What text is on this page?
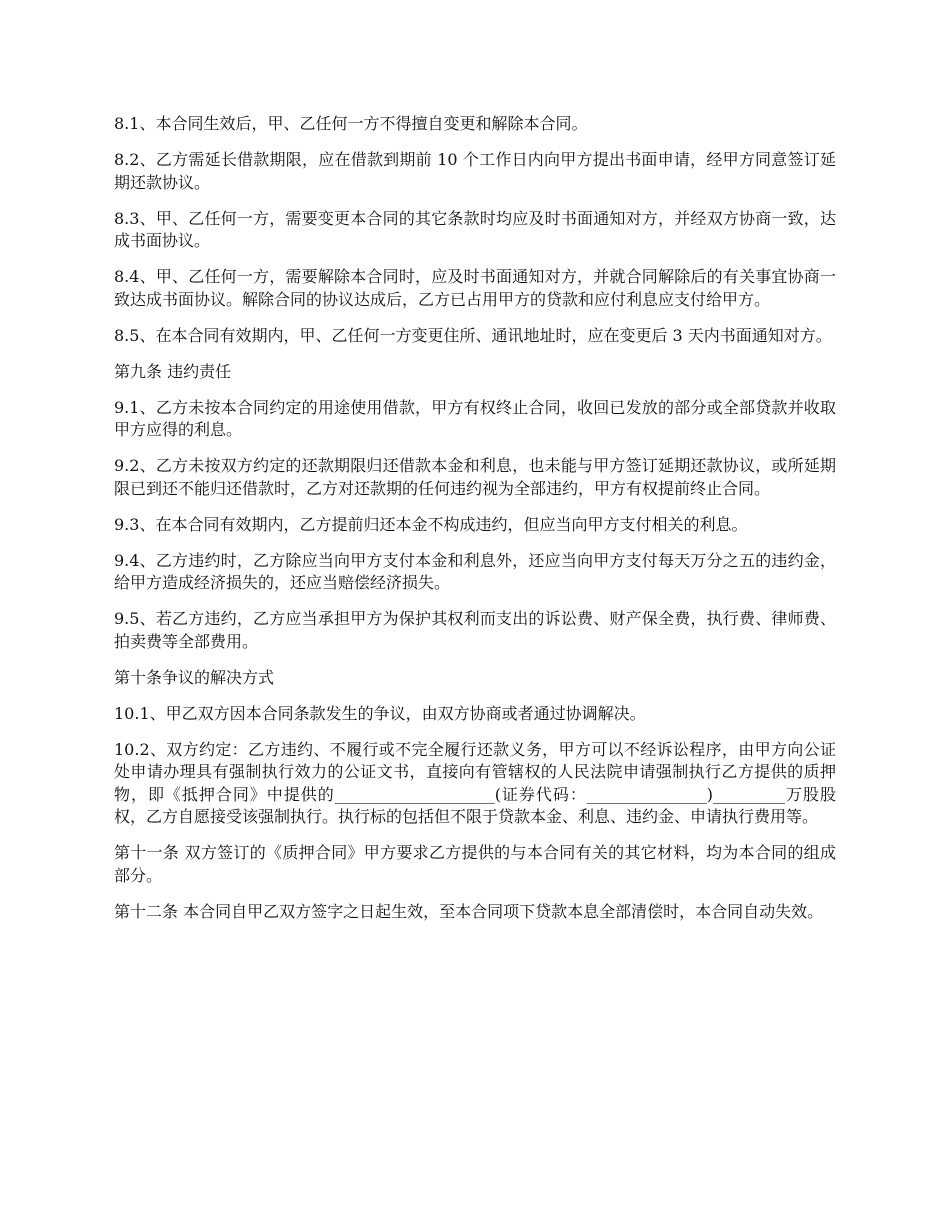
8.1、本合同生效后，甲、乙任何一方不得擅自变更和解除本合同。

8.2、乙方需延长借款期限，应在借款到期前 10 个工作日内向甲方提出书面申请，经甲方同意签订延期还款协议。

8.3、甲、乙任何一方，需要变更本合同的其它条款时均应及时书面通知对方，并经双方协商一致，达成书面协议。

8.4、甲、乙任何一方，需要解除本合同时，应及时书面通知对方，并就合同解除后的有关事宜协商一致达成书面协议。解除合同的协议达成后，乙方已占用甲方的贷款和应付利息应支付给甲方。

8.5、在本合同有效期内，甲、乙任何一方变更住所、通讯地址时，应在变更后 3 天内书面通知对方。

第九条 违约责任

9.1、乙方未按本合同约定的用途使用借款，甲方有权终止合同，收回已发放的部分或全部贷款并收取甲方应得的利息。

9.2、乙方未按双方约定的还款期限归还借款本金和利息，也未能与甲方签订延期还款协议，或所延期限已到还不能归还借款时，乙方对还款期的任何违约视为全部违约，甲方有权提前终止合同。

9.3、在本合同有效期内，乙方提前归还本金不构成违约，但应当向甲方支付相关的利息。

9.4、乙方违约时，乙方除应当向甲方支付本金和利息外，还应当向甲方支付每天万分之五的违约金，给甲方造成经济损失的，还应当赔偿经济损失。

9.5、若乙方违约，乙方应当承担甲方为保护其权利而支出的诉讼费、财产保全费，执行费、律师费、拍卖费等全部费用。

第十条争议的解决方式

10.1、甲乙双方因本合同条款发生的争议，由双方协商或者通过协调解决。

10.2、双方约定：乙方违约、不履行或不完全履行还款义务，甲方可以不经诉讼程序，由甲方向公证处申请办理具有强制执行效力的公证文书，直接向有管辖权的人民法院申请强制执行乙方提供的质押物，即《抵押合同》中提供的____________________(证券代码：_______________)_________万股股权，乙方自愿接受该强制执行。执行标的包括但不限于贷款本金、利息、违约金、申请执行费用等。

第十一条 双方签订的《质押合同》甲方要求乙方提供的与本合同有关的其它材料，均为本合同的组成部分。

第十二条 本合同自甲乙双方签字之日起生效，至本合同项下贷款本息全部清偿时，本合同自动失效。
